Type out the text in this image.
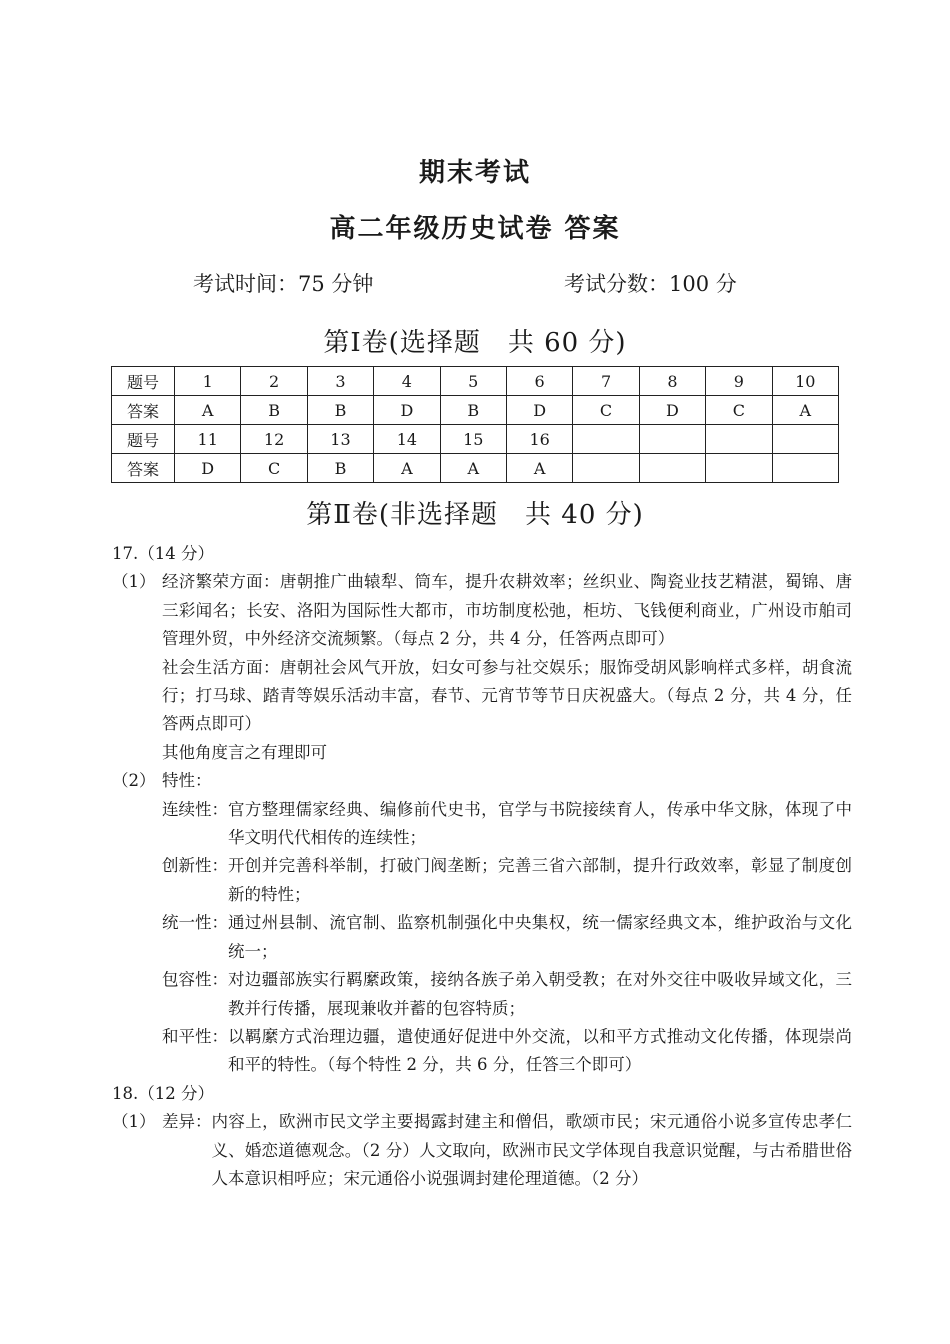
期末考试
高二年级历史试卷 答案
考试时间：75 分钟	考试分数：100 分
第Ⅰ卷(选择题　共 60 分)
题号	1	2	3	4	5	6	7	8	9	10
答案	A	B	B	D	B	D	C	D	C	A
题号	11	12	13	14	15	16				
答案	D	C	B	A	A	A				
第Ⅱ卷(非选择题　共 40 分)
17.（14 分）
（1） 经济繁荣方面：唐朝推广曲辕犁、筒车，提升农耕效率；丝织业、陶瓷业技艺精湛，蜀锦、唐三彩闻名；长安、洛阳为国际性大都市，市坊制度松弛，柜坊、飞钱便利商业，广州设市舶司管理外贸，中外经济交流频繁。（每点 2 分，共 4 分，任答两点即可）
社会生活方面：唐朝社会风气开放，妇女可参与社交娱乐；服饰受胡风影响样式多样，胡食流行；打马球、踏青等娱乐活动丰富，春节、元宵节等节日庆祝盛大。（每点 2 分，共 4 分，任答两点即可）
其他角度言之有理即可
（2） 特性：
连续性： 官方整理儒家经典、编修前代史书，官学与书院接续育人，传承中华文脉，体现了中华文明代代相传的连续性；
创新性： 开创并完善科举制，打破门阀垄断；完善三省六部制，提升行政效率，彰显了制度创新的特性；
统一性： 通过州县制、流官制、监察机制强化中央集权，统一儒家经典文本，维护政治与文化统一；
包容性： 对边疆部族实行羁縻政策，接纳各族子弟入朝受教；在对外交往中吸收异域文化，三教并行传播，展现兼收并蓄的包容特质；
和平性： 以羁縻方式治理边疆，遣使通好促进中外交流，以和平方式推动文化传播，体现崇尚和平的特性。（每个特性 2 分，共 6 分，任答三个即可）
18.（12 分）
（1） 差异： 内容上，欧洲市民文学主要揭露封建主和僧侣，歌颂市民；宋元通俗小说多宣传忠孝仁义、婚恋道德观念。（2 分）人文取向，欧洲市民文学体现自我意识觉醒，与古希腊世俗人本意识相呼应；宋元通俗小说强调封建伦理道德。（2 分）
